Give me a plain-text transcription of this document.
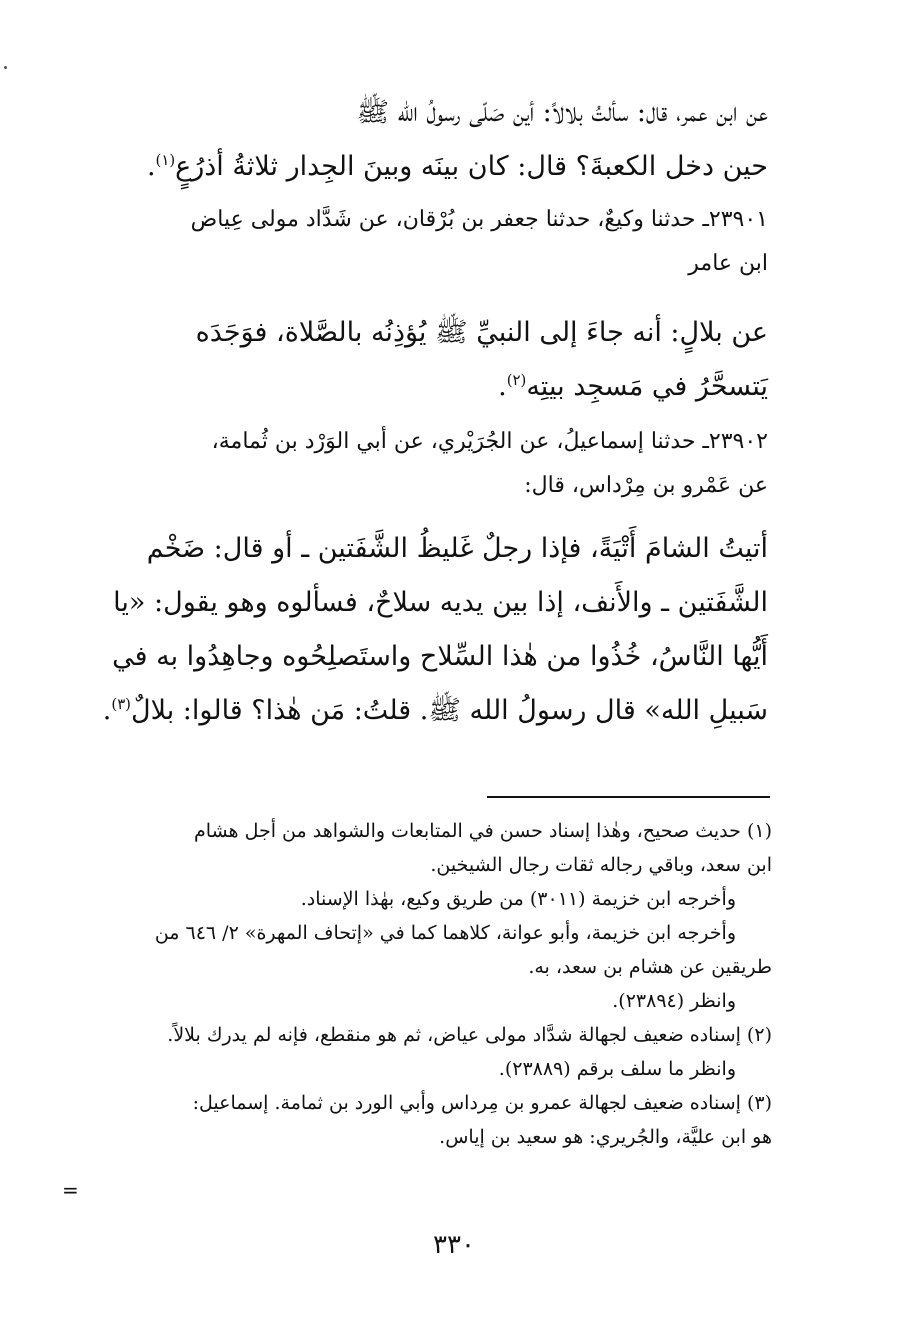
عن ابن عمر، قال: سألتُ بلالاً: أين صَلّى رسولُ الله ﷺ
حين دخل الكعبةَ؟ قال: كان بينَه وبينَ الجِدار ثلاثةُ أذرُعٍ$^{(١)}$.
٢٣٩٠١ـ حدثنا وكيعٌ، حدثنا جعفر بن بُرْقان، عن شَدَّاد مولى عِياض
ابن عامر
عن بلالٍ: أنه جاءَ إلى النبيِّ ﷺ يُؤذِنُه بالصَّلاة، فوَجَدَه
يَتسحَّرُ في مَسجِد بيتِه$^{(٢)}$.
٢٣٩٠٢ـ حدثنا إسماعيلُ، عن الجُرَيْري، عن أبي الوَرْد بن ثُمامة،
عن عَمْرو بن مِرْداس، قال:
أتيتُ الشامَ أَتْيَةً، فإذا رجلٌ غَليظُ الشَّفَتين ـ أو قال: ضَخْم
الشَّفَتين ـ والأَنف، إذا بين يديه سلاحٌ، فسألوه وهو يقول: «يا
أَيُّها النَّاسُ، خُذُوا من هٰذا السِّلاح واستَصلِحُوه وجاهِدُوا به في
سَبيلِ الله» قال رسولُ الله ﷺ. قلتُ: مَن هٰذا؟ قالوا: بلالٌ$^{(٣)}$.
(١) حديث صحيح، وهٰذا إسناد حسن في المتابعات والشواهد من أجل هشام
ابن سعد، وباقي رجاله ثقات رجال الشيخين.
وأخرجه ابن خزيمة (٣٠١١) من طريق وكيع، بهٰذا الإسناد.
وأخرجه ابن خزيمة، وأبو عوانة، كلاهما كما في «إتحاف المهرة» ٢/ ٦٤٦ من
طريقين عن هشام بن سعد، به.
وانظر (٢٣٨٩٤).
(٢) إسناده ضعيف لجهالة شدَّاد مولى عياض، ثم هو منقطع، فإنه لم يدرك بلالاً.
وانظر ما سلف برقم (٢٣٨٨٩).
(٣) إسناده ضعيف لجهالة عمرو بن مِرداس وأبي الورد بن ثمامة. إسماعيل:
هو ابن عليَّة، والجُريري: هو سعيد بن إياس.
=
٣٣٠
